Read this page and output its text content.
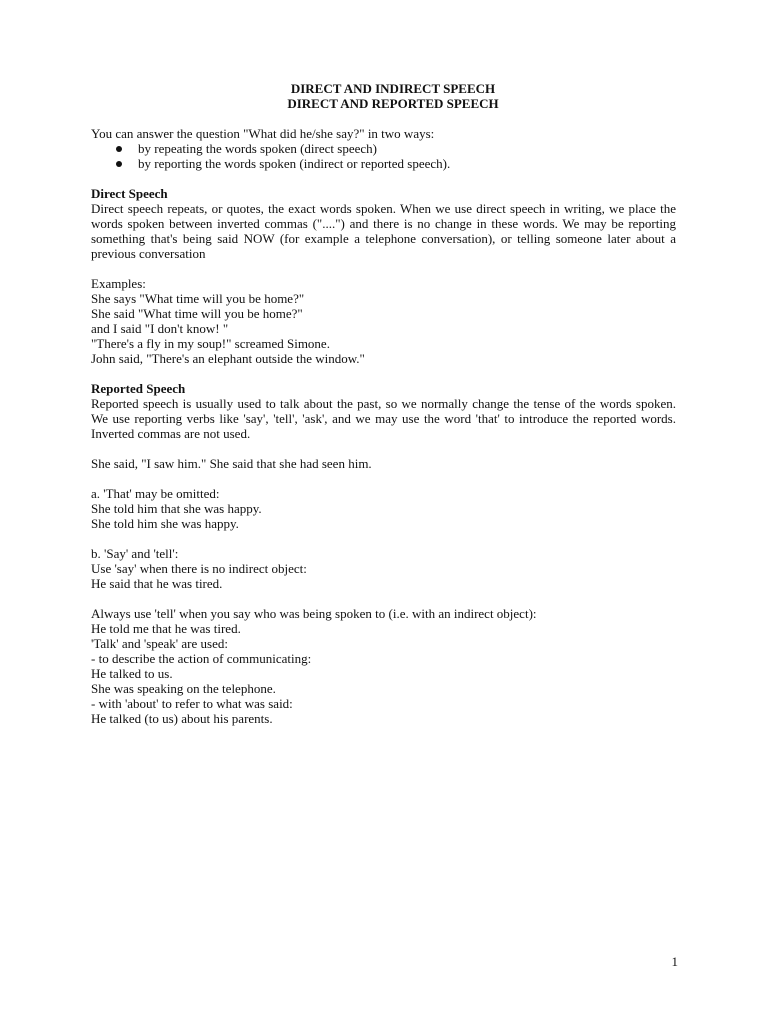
DIRECT AND INDIRECT SPEECH
DIRECT AND REPORTED SPEECH

You can answer the question "What did he/she say?" in two ways:

by repeating the words spoken (direct speech)
by reporting the words spoken (indirect or reported speech).

Direct Speech

Direct speech repeats, or quotes, the exact words spoken. When we use direct speech in writing, we place the words spoken between inverted commas ("....") and there is no change in these words. We may be reporting something that's being said NOW (for example a telephone conversation), or telling someone later about a previous conversation

Examples:

She says "What time will you be home?"

She said "What time will you be home?"

and I said "I don't know! "

"There's a fly in my soup!" screamed Simone.

John said, "There's an elephant outside the window."

Reported Speech

Reported speech is usually used to talk about the past, so we normally change the tense of the words spoken. We use reporting verbs like 'say', 'tell', 'ask', and we may use the word 'that' to introduce the reported words. Inverted commas are not used.

She said, "I saw him." She said that she had seen him.

a. 'That' may be omitted:

She told him that she was happy.

She told him she was happy.

b. 'Say' and 'tell':

Use 'say' when there is no indirect object:

He said that he was tired.

Always use 'tell' when you say who was being spoken to (i.e. with an indirect object):

He told me that he was tired.

'Talk' and 'speak' are used:

- to describe the action of communicating:

He talked to us.

She was speaking on the telephone.

- with 'about' to refer to what was said:

He talked (to us) about his parents.

1
